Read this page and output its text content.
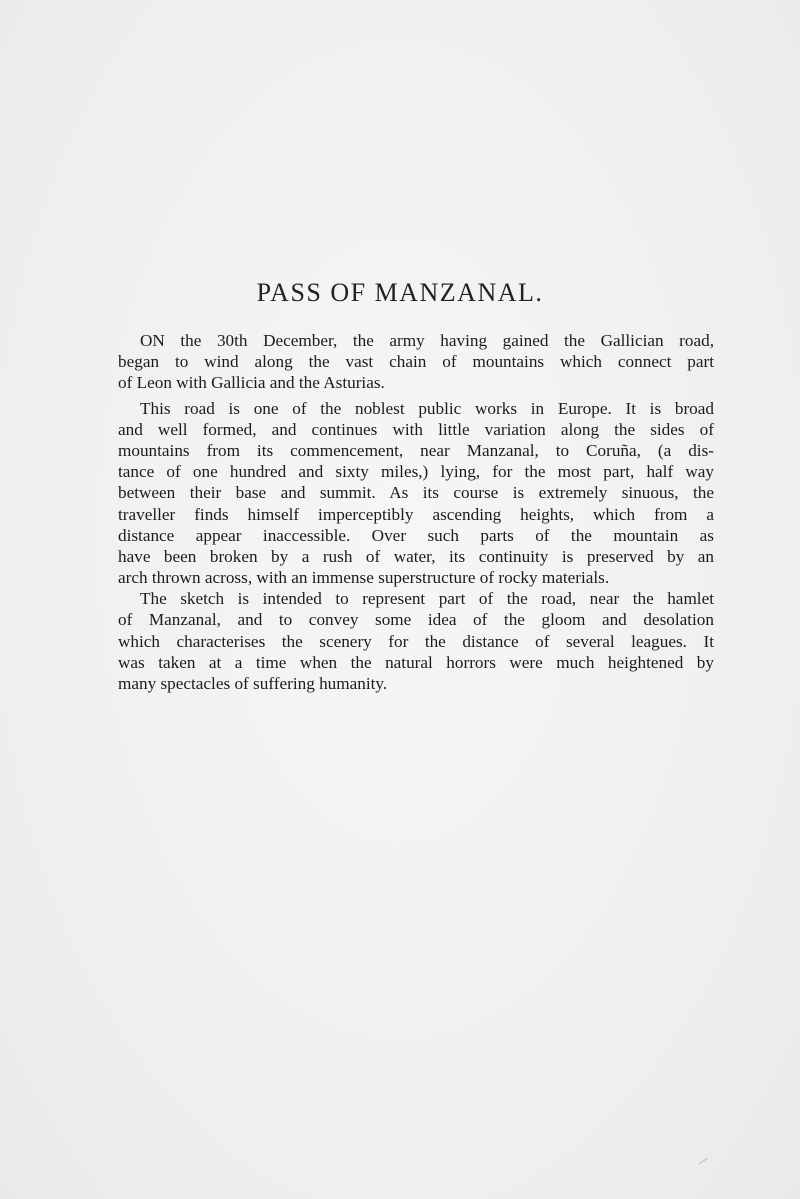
PASS OF MANZANAL.
ON the 30th December, the army having gained the Gallician road,
began to wind along the vast chain of mountains which connect part
of Leon with Gallicia and the Asturias.
This road is one of the noblest public works in Europe. It is broad
and well formed, and continues with little variation along the sides of
mountains from its commencement, near Manzanal, to Coruña, (a dis-
tance of one hundred and sixty miles,) lying, for the most part, half way
between their base and summit. As its course is extremely sinuous, the
traveller finds himself imperceptibly ascending heights, which from a
distance appear inaccessible. Over such parts of the mountain as
have been broken by a rush of water, its continuity is preserved by an
arch thrown across, with an immense superstructure of rocky materials.
The sketch is intended to represent part of the road, near the hamlet
of Manzanal, and to convey some idea of the gloom and desolation
which characterises the scenery for the distance of several leagues. It
was taken at a time when the natural horrors were much heightened by
many spectacles of suffering humanity.
